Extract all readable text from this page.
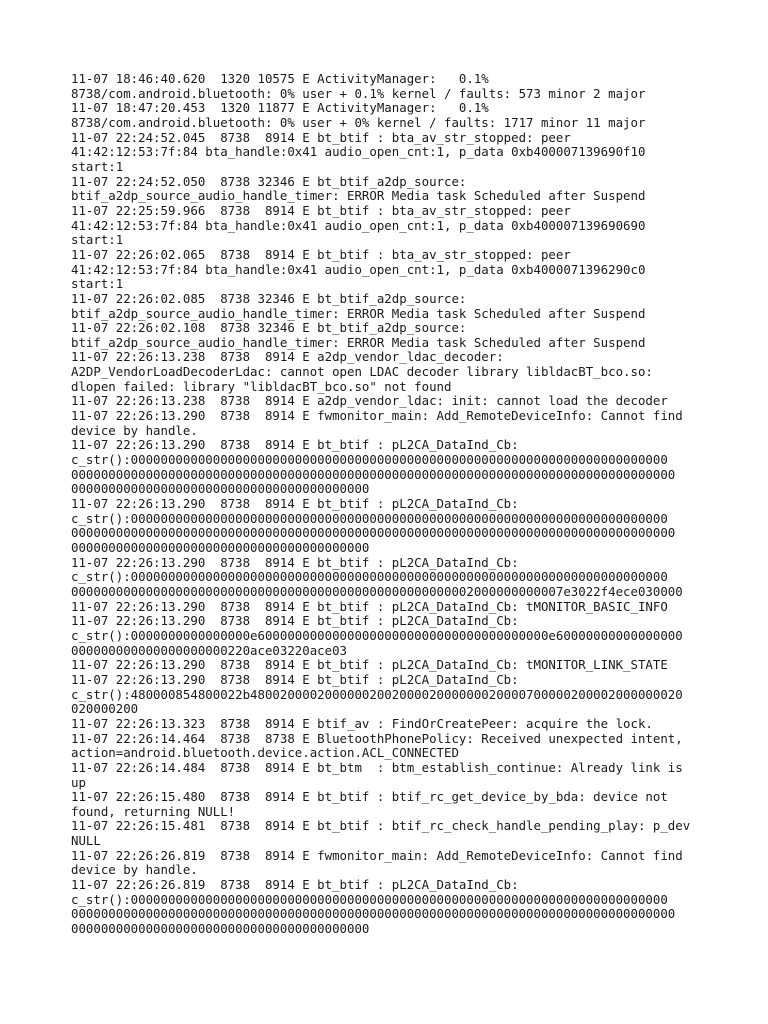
11-07 18:46:40.620  1320 10575 E ActivityManager:   0.1%
8738/com.android.bluetooth: 0% user + 0.1% kernel / faults: 573 minor 2 major
11-07 18:47:20.453  1320 11877 E ActivityManager:   0.1%
8738/com.android.bluetooth: 0% user + 0% kernel / faults: 1717 minor 11 major
11-07 22:24:52.045  8738  8914 E bt_btif : bta_av_str_stopped: peer
41:42:12:53:7f:84 bta_handle:0x41 audio_open_cnt:1, p_data 0xb400007139690f10
start:1
11-07 22:24:52.050  8738 32346 E bt_btif_a2dp_source:
btif_a2dp_source_audio_handle_timer: ERROR Media task Scheduled after Suspend
11-07 22:25:59.966  8738  8914 E bt_btif : bta_av_str_stopped: peer
41:42:12:53:7f:84 bta_handle:0x41 audio_open_cnt:1, p_data 0xb400007139690690
start:1
11-07 22:26:02.065  8738  8914 E bt_btif : bta_av_str_stopped: peer
41:42:12:53:7f:84 bta_handle:0x41 audio_open_cnt:1, p_data 0xb4000071396290c0
start:1
11-07 22:26:02.085  8738 32346 E bt_btif_a2dp_source:
btif_a2dp_source_audio_handle_timer: ERROR Media task Scheduled after Suspend
11-07 22:26:02.108  8738 32346 E bt_btif_a2dp_source:
btif_a2dp_source_audio_handle_timer: ERROR Media task Scheduled after Suspend
11-07 22:26:13.238  8738  8914 E a2dp_vendor_ldac_decoder:
A2DP_VendorLoadDecoderLdac: cannot open LDAC decoder library libldacBT_bco.so:
dlopen failed: library "libldacBT_bco.so" not found
11-07 22:26:13.238  8738  8914 E a2dp_vendor_ldac: init: cannot load the decoder
11-07 22:26:13.290  8738  8914 E fwmonitor_main: Add_RemoteDeviceInfo: Cannot find
device by handle.
11-07 22:26:13.290  8738  8914 E bt_btif : pL2CA_DataInd_Cb:
c_str():000000000000000000000000000000000000000000000000000000000000000000000000
000000000000000000000000000000000000000000000000000000000000000000000000000000000
0000000000000000000000000000000000000000
11-07 22:26:13.290  8738  8914 E bt_btif : pL2CA_DataInd_Cb:
c_str():000000000000000000000000000000000000000000000000000000000000000000000000
000000000000000000000000000000000000000000000000000000000000000000000000000000000
0000000000000000000000000000000000000000
11-07 22:26:13.290  8738  8914 E bt_btif : pL2CA_DataInd_Cb:
c_str():000000000000000000000000000000000000000000000000000000000000000000000000
000000000000000000000000000000000000000000000000000002000000000007e3022f4ece030000
11-07 22:26:13.290  8738  8914 E bt_btif : pL2CA_DataInd_Cb: tMONITOR_BASIC_INFO
11-07 22:26:13.290  8738  8914 E bt_btif : pL2CA_DataInd_Cb:
c_str():0000000000000000e600000000000000000000000000000000000000e60000000000000000
000000000000000000000220ace03220ace03
11-07 22:26:13.290  8738  8914 E bt_btif : pL2CA_DataInd_Cb: tMONITOR_LINK_STATE
11-07 22:26:13.290  8738  8914 E bt_btif : pL2CA_DataInd_Cb:
c_str():480000854800022b4800200002000000200200002000000020000700000200002000000020
020000200
11-07 22:26:13.323  8738  8914 E btif_av : FindOrCreatePeer: acquire the lock.
11-07 22:26:14.464  8738  8738 E BluetoothPhonePolicy: Received unexpected intent,
action=android.bluetooth.device.action.ACL_CONNECTED
11-07 22:26:14.484  8738  8914 E bt_btm  : btm_establish_continue: Already link is
up
11-07 22:26:15.480  8738  8914 E bt_btif : btif_rc_get_device_by_bda: device not
found, returning NULL!
11-07 22:26:15.481  8738  8914 E bt_btif : btif_rc_check_handle_pending_play: p_dev
NULL
11-07 22:26:26.819  8738  8914 E fwmonitor_main: Add_RemoteDeviceInfo: Cannot find
device by handle.
11-07 22:26:26.819  8738  8914 E bt_btif : pL2CA_DataInd_Cb:
c_str():000000000000000000000000000000000000000000000000000000000000000000000000
000000000000000000000000000000000000000000000000000000000000000000000000000000000
0000000000000000000000000000000000000000
